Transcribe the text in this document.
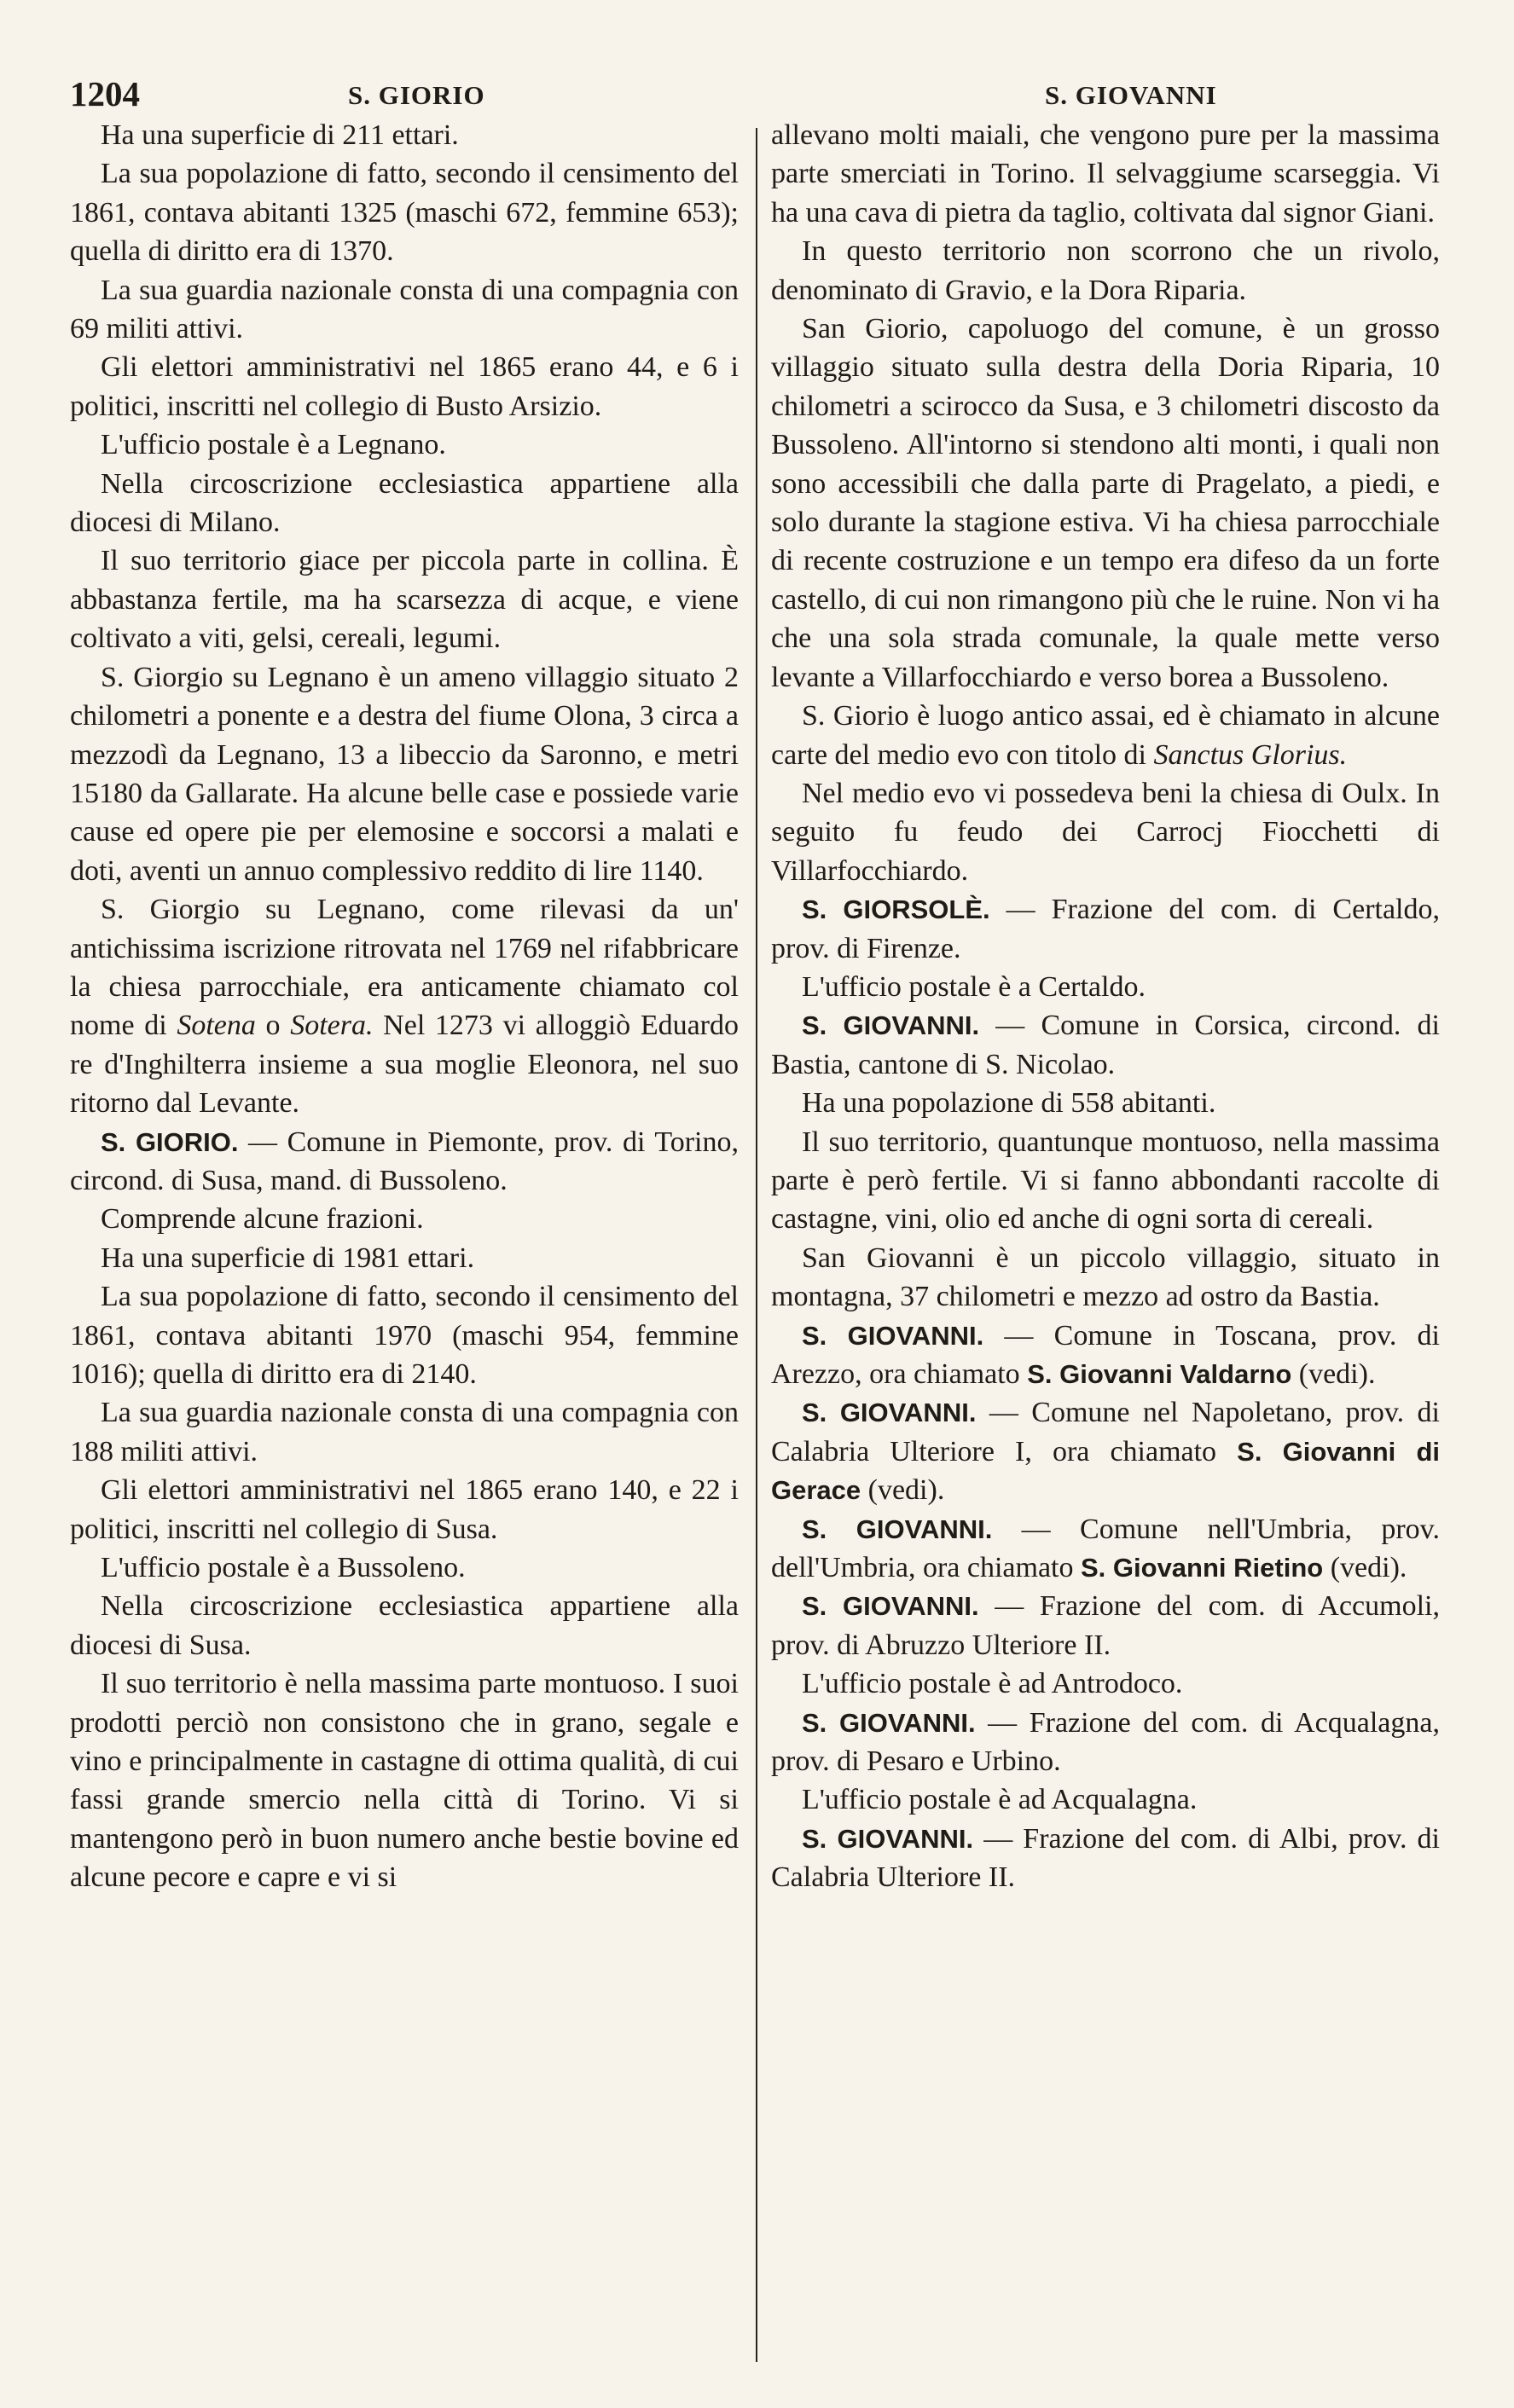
1204	S. GIORIO	S. GIOVANNI

Ha una superficie di 211 ettari.

La sua popolazione di fatto, secondo il censimento del 1861, contava abitanti 1325 (maschi 672, femmine 653); quella di diritto era di 1370.

La sua guardia nazionale consta di una compagnia con 69 militi attivi.

Gli elettori amministrativi nel 1865 erano 44, e 6 i politici, inscritti nel collegio di Busto Arsizio.

L'ufficio postale è a Legnano.

Nella circoscrizione ecclesiastica appartiene alla diocesi di Milano.

Il suo territorio giace per piccola parte in collina. È abbastanza fertile, ma ha scarsezza di acque, e viene coltivato a viti, gelsi, cereali, legumi.

S. Giorgio su Legnano è un ameno villaggio situato 2 chilometri a ponente e a destra del fiume Olona, 3 circa a mezzodì da Legnano, 13 a libeccio da Saronno, e metri 15180 da Gallarate. Ha alcune belle case e possiede varie cause ed opere pie per elemosine e soccorsi a malati e doti, aventi un annuo complessivo reddito di lire 1140.

S. Giorgio su Legnano, come rilevasi da un' antichissima iscrizione ritrovata nel 1769 nel rifabbricare la chiesa parrocchiale, era anticamente chiamato col nome di Sotena o Sotera. Nel 1273 vi alloggiò Eduardo re d'Inghilterra insieme a sua moglie Eleonora, nel suo ritorno dal Levante.

S. GIORIO. — Comune in Piemonte, prov. di Torino, circond. di Susa, mand. di Bussoleno.

Comprende alcune frazioni.

Ha una superficie di 1981 ettari.

La sua popolazione di fatto, secondo il censimento del 1861, contava abitanti 1970 (maschi 954, femmine 1016); quella di diritto era di 2140.

La sua guardia nazionale consta di una compagnia con 188 militi attivi.

Gli elettori amministrativi nel 1865 erano 140, e 22 i politici, inscritti nel collegio di Susa.

L'ufficio postale è a Bussoleno.

Nella circoscrizione ecclesiastica appartiene alla diocesi di Susa.

Il suo territorio è nella massima parte montuoso. I suoi prodotti perciò non consistono che in grano, segale e vino e principalmente in castagne di ottima qualità, di cui fassi grande smercio nella città di Torino. Vi si mantengono però in buon numero anche bestie bovine ed alcune pecore e capre e vi si

allevano molti maiali, che vengono pure per la massima parte smerciati in Torino. Il selvaggiume scarseggia. Vi ha una cava di pietra da taglio, coltivata dal signor Giani.

In questo territorio non scorrono che un rivolo, denominato di Gravio, e la Dora Riparia.

San Giorio, capoluogo del comune, è un grosso villaggio situato sulla destra della Doria Riparia, 10 chilometri a scirocco da Susa, e 3 chilometri discosto da Bussoleno. All'intorno si stendono alti monti, i quali non sono accessibili che dalla parte di Pragelato, a piedi, e solo durante la stagione estiva. Vi ha chiesa parrocchiale di recente costruzione e un tempo era difeso da un forte castello, di cui non rimangono più che le ruine. Non vi ha che una sola strada comunale, la quale mette verso levante a Villarfocchiardo e verso borea a Bussoleno.

S. Giorio è luogo antico assai, ed è chiamato in alcune carte del medio evo con titolo di Sanctus Glorius.

Nel medio evo vi possedeva beni la chiesa di Oulx. In seguito fu feudo dei Carrocj Fiocchetti di Villarfocchiardo.

S. GIORSOLÈ. — Frazione del com. di Certaldo, prov. di Firenze.

L'ufficio postale è a Certaldo.

S. GIOVANNI. — Comune in Corsica, circond. di Bastia, cantone di S. Nicolao.

Ha una popolazione di 558 abitanti.

Il suo territorio, quantunque montuoso, nella massima parte è però fertile. Vi si fanno abbondanti raccolte di castagne, vini, olio ed anche di ogni sorta di cereali.

San Giovanni è un piccolo villaggio, situato in montagna, 37 chilometri e mezzo ad ostro da Bastia.

S. GIOVANNI. — Comune in Toscana, prov. di Arezzo, ora chiamato S. Giovanni Valdarno (vedi).

S. GIOVANNI. — Comune nel Napoletano, prov. di Calabria Ulteriore I, ora chiamato S. Giovanni di Gerace (vedi).

S. GIOVANNI. — Comune nell'Umbria, prov. dell'Umbria, ora chiamato S. Giovanni Rietino (vedi).

S. GIOVANNI. — Frazione del com. di Accumoli, prov. di Abruzzo Ulteriore II.

L'ufficio postale è ad Antrodoco.

S. GIOVANNI. — Frazione del com. di Acqualagna, prov. di Pesaro e Urbino.

L'ufficio postale è ad Acqualagna.

S. GIOVANNI. — Frazione del com. di Albi, prov. di Calabria Ulteriore II.
